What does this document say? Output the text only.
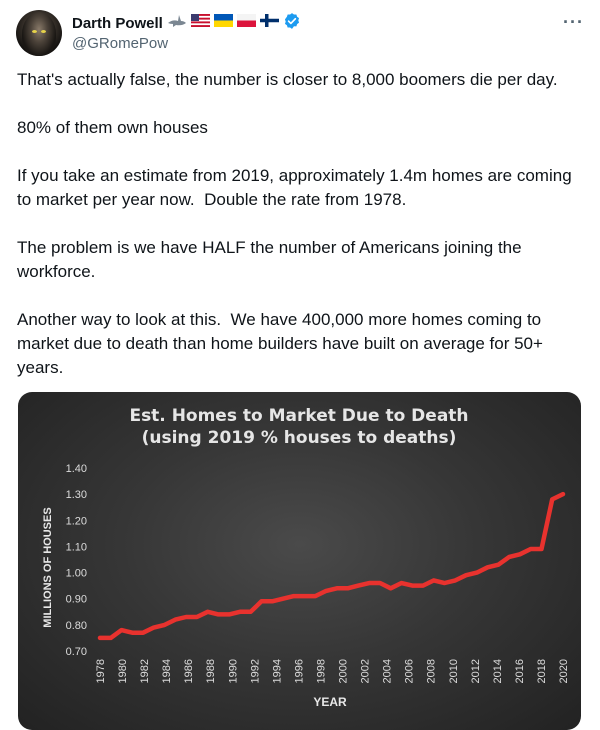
Darth Powell
@GRomePow
···

That's actually false, the number is closer to 8,000 boomers die per day.

80% of them own houses

If you take an estimate from 2019, approximately 1.4m homes are coming to market per year now.  Double the rate from 1978.

The problem is we have HALF the number of Americans joining the workforce.

Another way to look at this.  We have 400,000 more homes coming to market due to death than home builders have built on average for 50+ years.

Est. Homes to Market Due to Death
(using 2019 % houses to deaths)
MILLIONS OF HOUSES
YEAR
0.70
0.80
0.90
1.00
1.10
1.20
1.30
1.40
1978 1980 1982 1984 1986 1988 1990 1992 1994 1996 1998 2000 2002 2004 2006 2008 2010 2012 2014 2016 2018 2020
